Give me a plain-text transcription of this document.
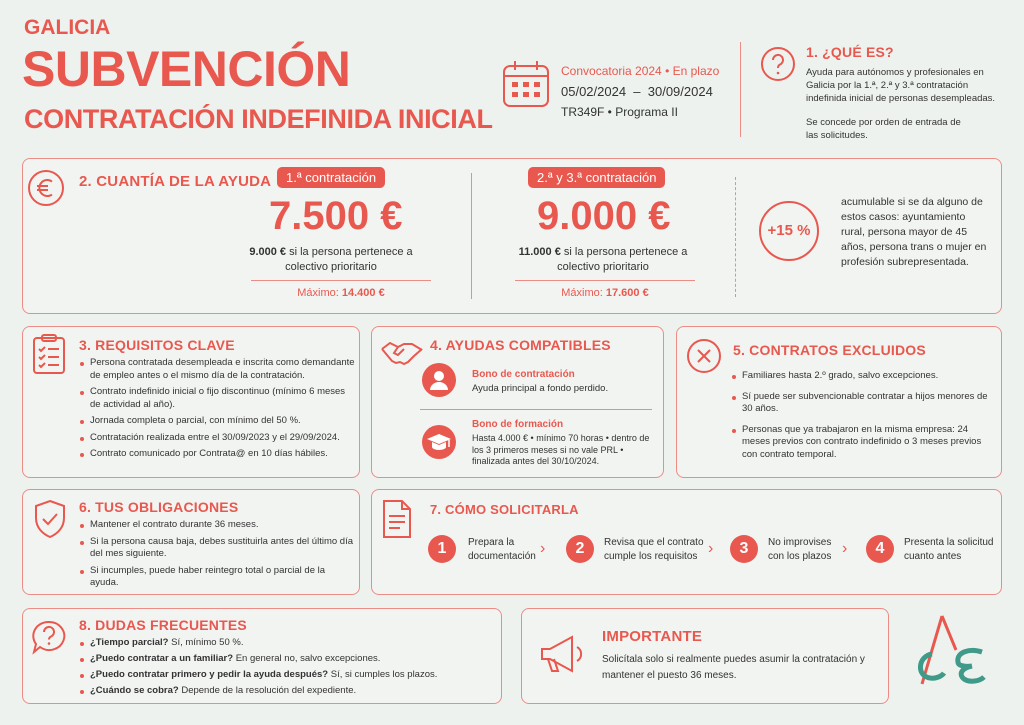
GALICIA
SUBVENCIÓN
CONTRATACIÓN INDEFINIDA INICIAL
Convocatoria 2024 • En plazo
05/02/2024  –  30/09/2024
TR349F • Programa II
1. ¿QUÉ ES?
Ayuda para autónomos y profesionales en Galicia por la 1.ª, 2.ª y 3.ª contratación indefinida inicial de personas desempleadas.
Se concede por orden de entrada de las solicitudes.
2. CUANTÍA DE LA AYUDA	1.ª contratación
7.500 €
9.000 € si la persona pertenece a colectivo prioritario
Máximo: 14.400 €
2.ª y 3.ª contratación
9.000 €
11.000 € si la persona pertenece a colectivo prioritario
Máximo: 17.600 €
+15 %
acumulable si se da alguno de estos casos: ayuntamiento rural, persona mayor de 45 años, persona trans o mujer en profesión subrepresentada.
3. REQUISITOS CLAVE
Persona contratada desempleada e inscrita como demandante de empleo antes o el mismo día de la contratación.
Contrato indefinido inicial o fijo discontinuo (mínimo 6 meses de actividad al año).
Jornada completa o parcial, con mínimo del 50 %.
Contratación realizada entre el 30/09/2023 y el 29/09/2024.
Contrato comunicado por Contrata@ en 10 días hábiles.
4. AYUDAS COMPATIBLES
Bono de contratación
Ayuda principal a fondo perdido.
Bono de formación
Hasta 4.000 € • mínimo 70 horas • dentro de los 3 primeros meses si no vale PRL • finalizada antes del 30/10/2024.
5. CONTRATOS EXCLUIDOS
Familiares hasta 2.º grado, salvo excepciones.
Sí puede ser subvencionable contratar a hijos menores de 30 años.
Personas que ya trabajaron en la misma empresa: 24 meses previos con contrato indefinido o 3 meses previos con contrato temporal.
6. TUS OBLIGACIONES
Mantener el contrato durante 36 meses.
Si la persona causa baja, debes sustituirla antes del último día del mes siguiente.
Si incumples, puede haber reintegro total o parcial de la ayuda.
7. CÓMO SOLICITARLA
1	Prepara la documentación ›	2	Revisa que el contrato cumple los requisitos ›	3	No improvises con los plazos ›	4	Presenta la solicitud cuanto antes
8. DUDAS FRECUENTES
¿Tiempo parcial? Sí, mínimo 50 %.
¿Puedo contratar a un familiar? En general no, salvo excepciones.
¿Puedo contratar primero y pedir la ayuda después? Sí, si cumples los plazos.
¿Cuándo se cobra? Depende de la resolución del expediente.
IMPORTANTE
Solicítala solo si realmente puedes asumir la contratación y mantener el puesto 36 meses.
